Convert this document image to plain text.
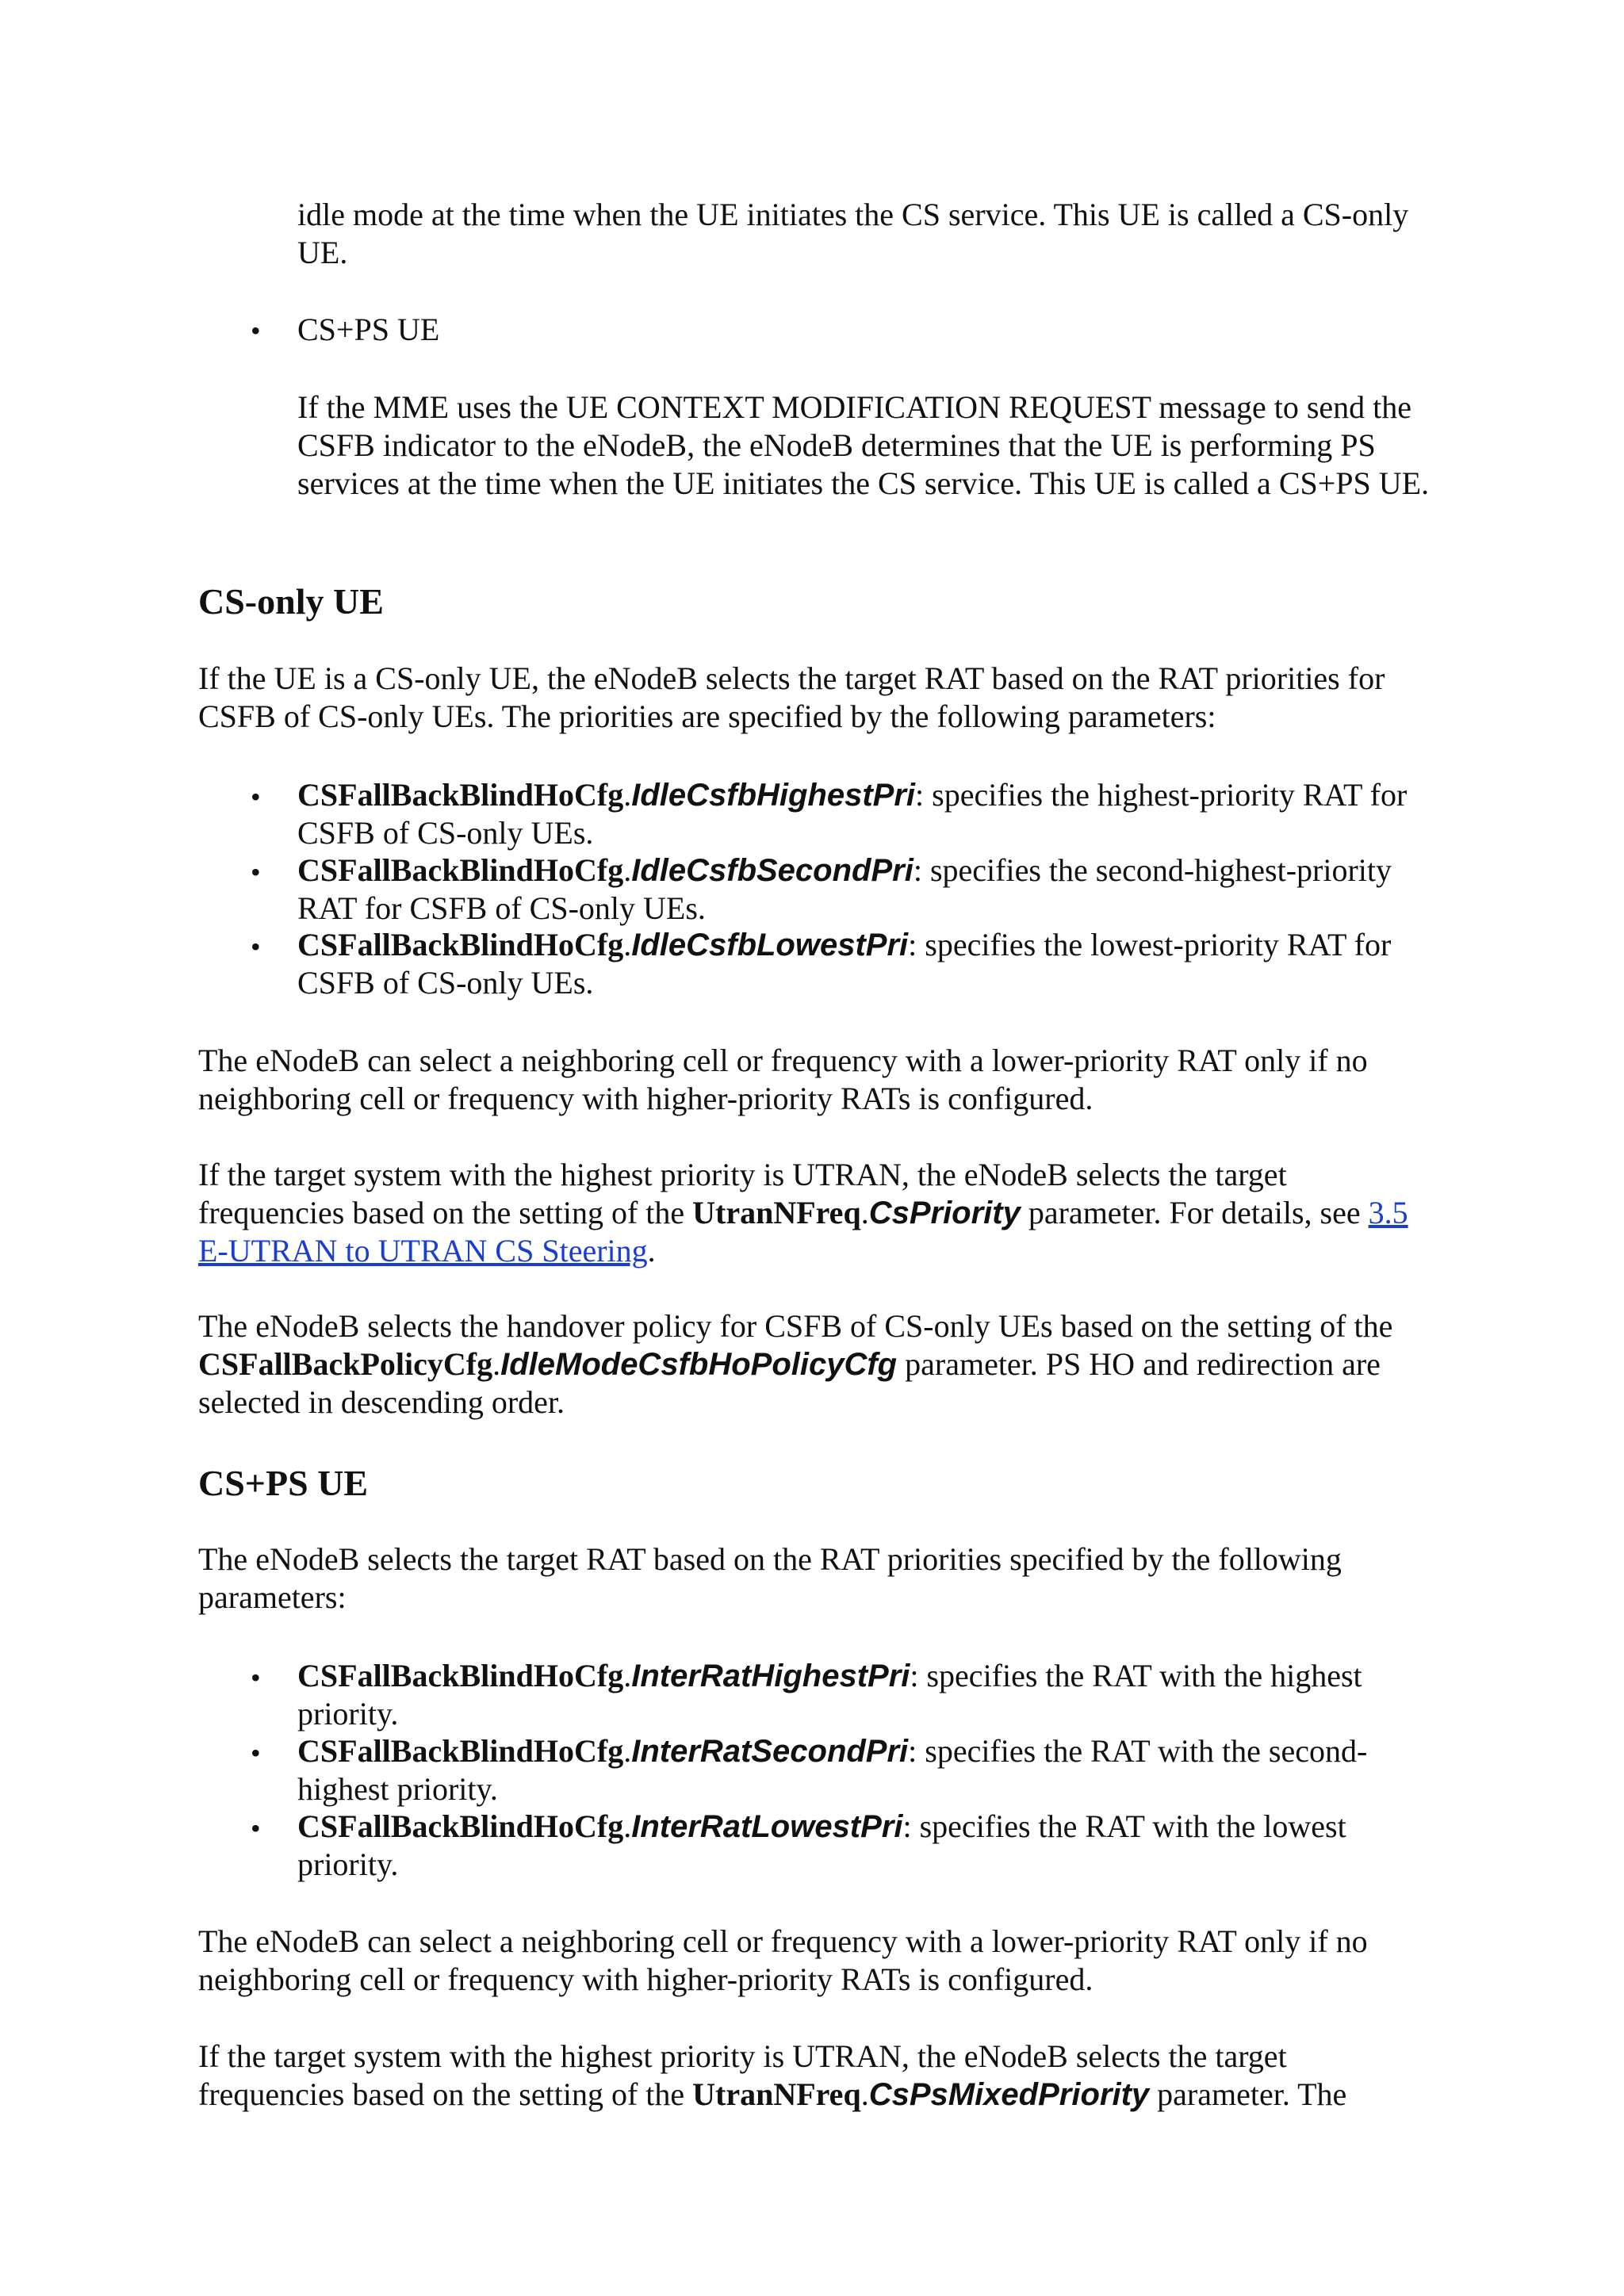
idle mode at the time when the UE initiates the CS service. This UE is called a CS-only UE.

• CS+PS UE

If the MME uses the UE CONTEXT MODIFICATION REQUEST message to send the CSFB indicator to the eNodeB, the eNodeB determines that the UE is performing PS services at the time when the UE initiates the CS service. This UE is called a CS+PS UE.

CS-only UE

If the UE is a CS-only UE, the eNodeB selects the target RAT based on the RAT priorities for CSFB of CS-only UEs. The priorities are specified by the following parameters:

• CSFallBackBlindHoCfg.IdleCsfbHighestPri: specifies the highest-priority RAT for CSFB of CS-only UEs.

• CSFallBackBlindHoCfg.IdleCsfbSecondPri: specifies the second-highest-priority RAT for CSFB of CS-only UEs.

• CSFallBackBlindHoCfg.IdleCsfbLowestPri: specifies the lowest-priority RAT for CSFB of CS-only UEs.

The eNodeB can select a neighboring cell or frequency with a lower-priority RAT only if no neighboring cell or frequency with higher-priority RATs is configured.

If the target system with the highest priority is UTRAN, the eNodeB selects the target frequencies based on the setting of the UtranNFreq.CsPriority parameter. For details, see 3.5 E-UTRAN to UTRAN CS Steering.

The eNodeB selects the handover policy for CSFB of CS-only UEs based on the setting of the CSFallBackPolicyCfg.IdleModeCsfbHoPolicyCfg parameter. PS HO and redirection are selected in descending order.

CS+PS UE

The eNodeB selects the target RAT based on the RAT priorities specified by the following parameters:

• CSFallBackBlindHoCfg.InterRatHighestPri: specifies the RAT with the highest priority.

• CSFallBackBlindHoCfg.InterRatSecondPri: specifies the RAT with the second-highest priority.

• CSFallBackBlindHoCfg.InterRatLowestPri: specifies the RAT with the lowest priority.

The eNodeB can select a neighboring cell or frequency with a lower-priority RAT only if no neighboring cell or frequency with higher-priority RATs is configured.

If the target system with the highest priority is UTRAN, the eNodeB selects the target frequencies based on the setting of the UtranNFreq.CsPsMixedPriority parameter. The
